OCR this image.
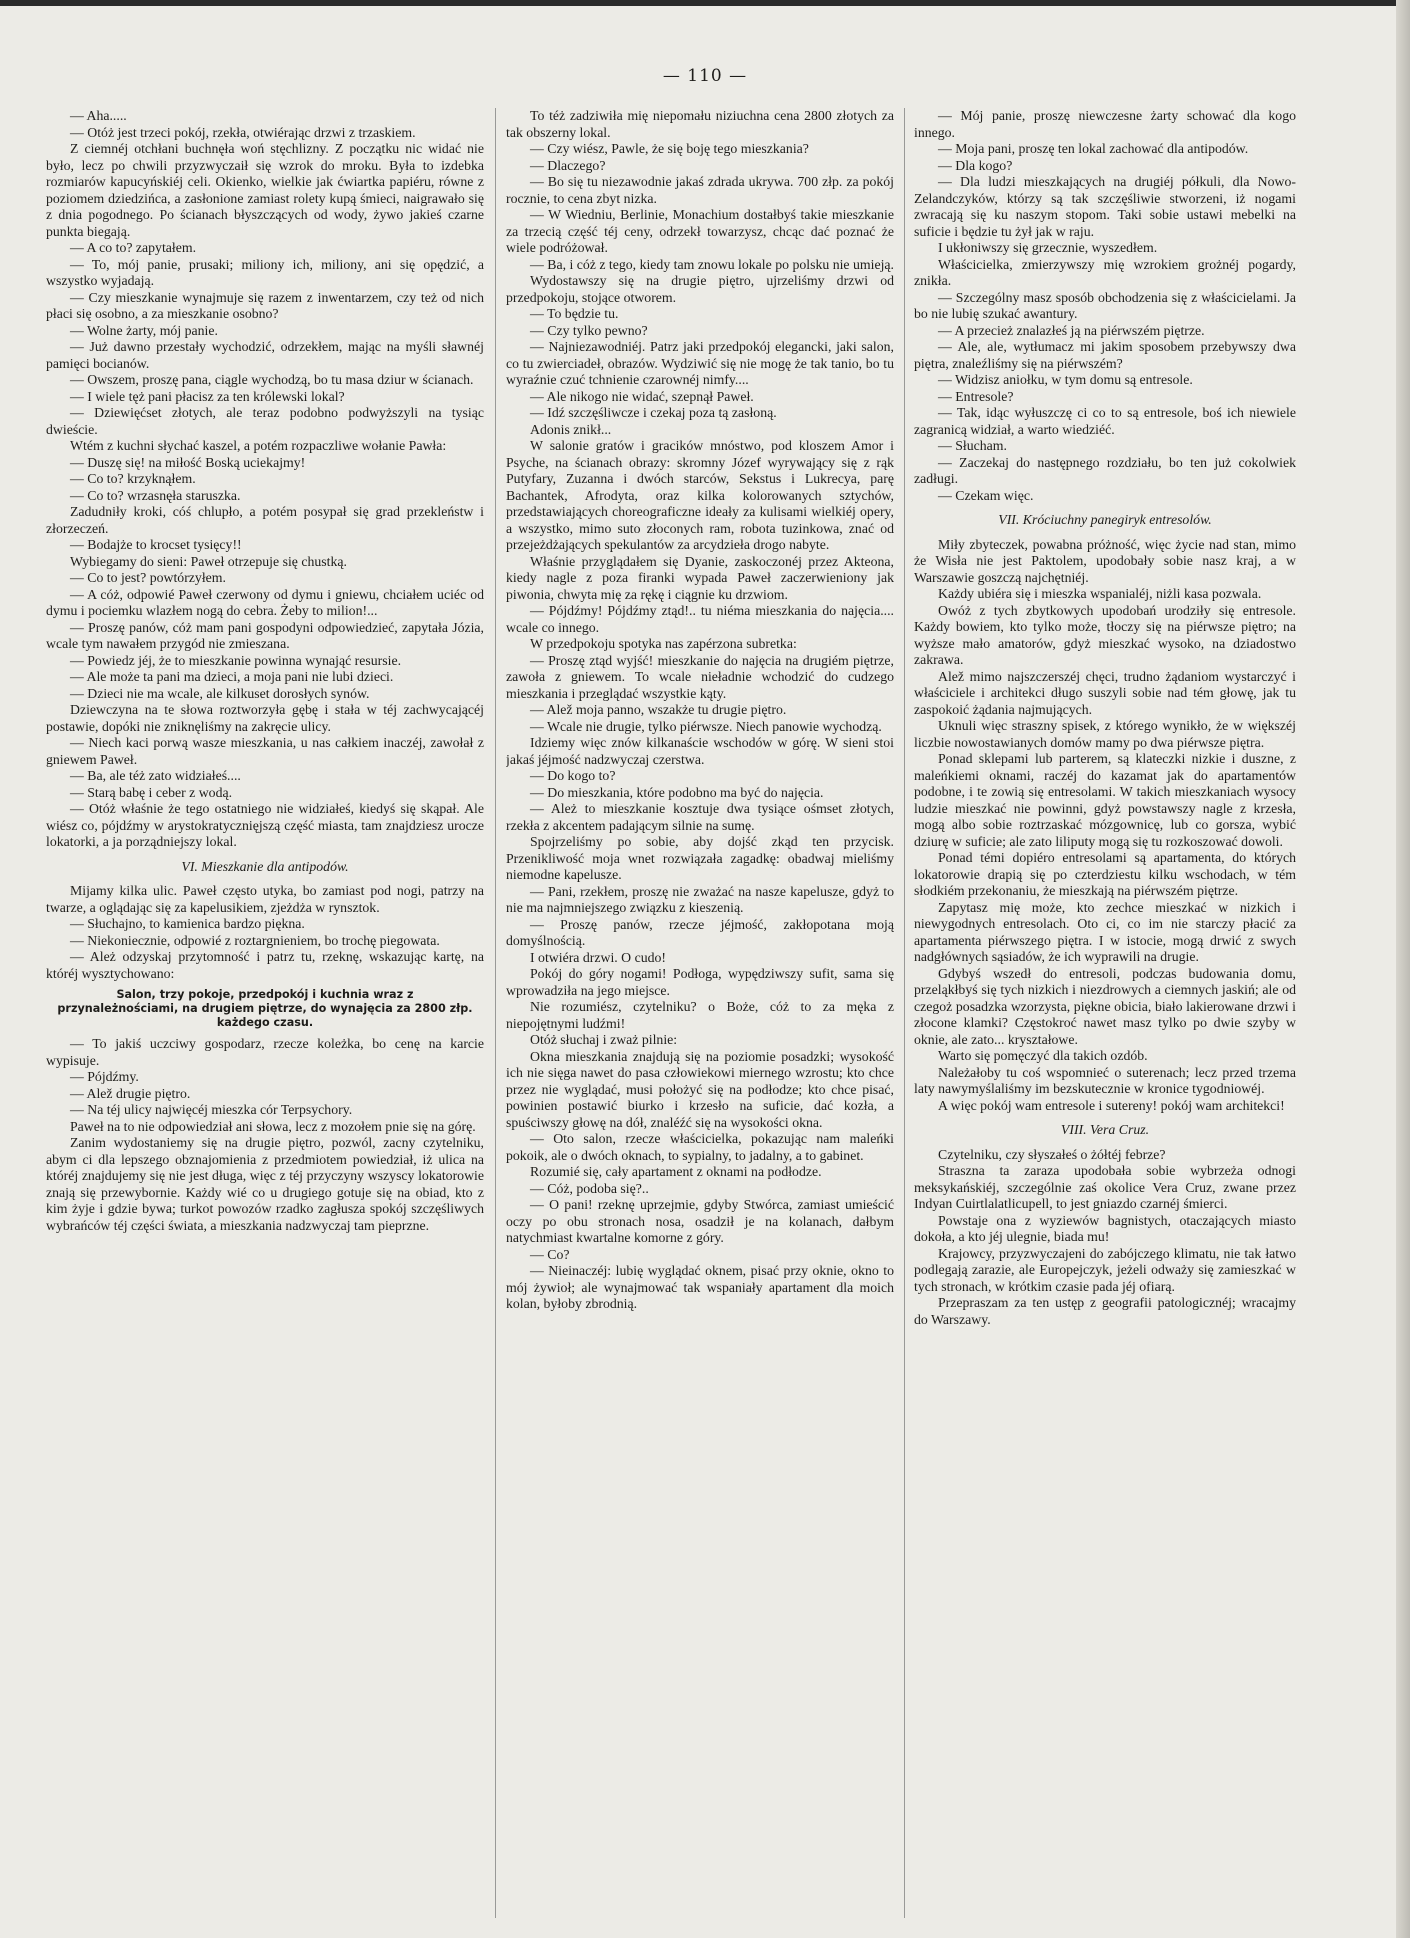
— 110 —

— Aha.....

— Otóż jest trzeci pokój, rzekła, otwiérając drzwi z trzaskiem.

Z ciemnéj otchłani buchnęła woń stęchlizny. Z początku nic widać nie było, lecz po chwili przyzwyczaił się wzrok do mroku. Była to izdebka rozmiarów kapucyńskiéj celi. Okienko, wielkie jak ćwiartka papiéru, równe z poziomem dziedzińca, a zasłonione zamiast rolety kupą śmieci, naigrawało się z dnia pogodnego. Po ścianach błyszczących od wody, żywo jakieś czarne punkta biegają.

— A co to? zapytałem.

— To, mój panie, prusaki; miliony ich, miliony, ani się opędzić, a wszystko wyjadają.

— Czy mieszkanie wynajmuje się razem z inwentarzem, czy też od nich płaci się osobno, a za mieszkanie osobno?

— Wolne żarty, mój panie.

— Już dawno przestały wychodzić, odrzekłem, mając na myśli sławnéj pamięci bocianów.

— Owszem, proszę pana, ciągle wychodzą, bo tu masa dziur w ścianach.

— I wiele tęż pani płacisz za ten królewski lokal?

— Dziewięćset złotych, ale teraz podobno podwyższyli na tysiąc dwieście.

Wtém z kuchni słychać kaszel, a potém rozpaczliwe wołanie Pawła:

— Duszę się! na miłość Boską uciekajmy!

— Co to? krzyknąłem.

— Co to? wrzasnęła staruszka.

Zadudniły kroki, cóś chlupło, a potém posypał się grad przekleństw i złorzeczeń.

— Bodajże to krocset tysięcy!!

Wybiegamy do sieni: Paweł otrzepuje się chustką.

— Co to jest? powtórzyłem.

— A cóż, odpowié Paweł czerwony od dymu i gniewu, chciałem uciéc od dymu i pociemku wlazłem nogą do cebra. Żeby to milion!...

— Proszę panów, cóż mam pani gospodyni odpowiedzieć, zapytała Józia, wcale tym nawałem przygód nie zmieszana.

— Powiedz jéj, że to mieszkanie powinna wynająć resursie.

— Ale może ta pani ma dzieci, a moja pani nie lubi dzieci.

— Dzieci nie ma wcale, ale kilkuset dorosłych synów.

Dziewczyna na te słowa roztworzyła gębę i stała w téj zachwycającéj postawie, dopóki nie zniknęliśmy na zakręcie ulicy.

— Niech kaci porwą wasze mieszkania, u nas całkiem inaczéj, zawołał z gniewem Paweł.

— Ba, ale téż zato widziałeś....

— Starą babę i ceber z wodą.

— Otóż właśnie że tego ostatniego nie widziałeś, kiedyś się skąpał. Ale wiész co, pójdźmy w arystokratycznięjszą część miasta, tam znajdziesz urocze lokatorki, a ja porządniejszy lokal.

VI. Mieszkanie dla antipodów.

Mijamy kilka ulic. Paweł często utyka, bo zamiast pod nogi, patrzy na twarze, a oglądając się za kapelusikiem, zjeżdża w rynsztok.

— Słuchajno, to kamienica bardzo piękna.

— Niekoniecznie, odpowié z roztargnieniem, bo trochę piegowata.

— Ależ odzyskaj przytomność i patrz tu, rzeknę, wskazując kartę, na któréj wysztychowano:

Salon, trzy pokoje, przedpokój i kuchnia wraz z przynależnościami, na drugiem piętrze, do wynajęcia za 2800 złp. każdego czasu.

— To jakiś uczciwy gospodarz, rzecze koleżka, bo cenę na karcie wypisuje.

— Pójdźmy.

— Alež drugie piętro.

— Na téj ulicy najwięcéj mieszka cór Terpsychory.

Paweł na to nie odpowiedział ani słowa, lecz z mozołem pnie się na górę.

Zanim wydostaniemy się na drugie piętro, pozwól, zacny czytelniku, abym ci dla lepszego obznajomienia z przedmiotem powiedział, iż ulica na któréj znajdujemy się nie jest długa, więc z téj przyczyny wszyscy lokatorowie znają się przewybornie. Każdy wié co u drugiego gotuje się na obiad, kto z kim żyje i gdzie bywa; turkot powozów rzadko zagłusza spokój szczęśliwych wybrańców téj części świata, a mieszkania nadzwyczaj tam pieprzne.

To téż zadziwiła mię niepomału niziuchna cena 2800 złotych za tak obszerny lokal.

— Czy wiész, Pawle, że się boję tego mieszkania?

— Dlaczego?

— Bo się tu niezawodnie jakaś zdrada ukrywa. 700 złp. za pokój rocznie, to cena zbyt nizka.

— W Wiedniu, Berlinie, Monachium dostałbyś takie mieszkanie za trzecią część téj ceny, odrzekł towarzysz, chcąc dać poznać że wiele podróżował.

— Ba, i cóż z tego, kiedy tam znowu lokale po polsku nie umieją.

Wydostawszy się na drugie piętro, ujrzeliśmy drzwi od przedpokoju, stojące otworem.

— To będzie tu.

— Czy tylko pewno?

— Najniezawodniéj. Patrz jaki przedpokój elegancki, jaki salon, co tu zwierciadeł, obrazów. Wydziwić się nie mogę że tak tanio, bo tu wyraźnie czuć tchnienie czarownéj nimfy....

— Ale nikogo nie widać, szepnął Paweł.

— Idź szczęśliwcze i czekaj poza tą zasłoną.

Adonis znikł...

W salonie gratów i gracików mnóstwo, pod kloszem Amor i Psyche, na ścianach obrazy: skromny Józef wyrywający się z rąk Putyfary, Zuzanna i dwóch starców, Sekstus i Lukrecya, parę Bachantek, Afrodyta, oraz kilka kolorowanych sztychów, przedstawiających choreograficzne ideały za kulisami wielkiéj opery, a wszystko, mimo suto złoconych ram, robota tuzinkowa, znać od przejeżdżających spekulantów za arcydzieła drogo nabyte.

Właśnie przyglądałem się Dyanie, zaskoczonéj przez Akteona, kiedy nagle z poza firanki wypada Paweł zaczerwieniony jak piwonia, chwyta mię za rękę i ciągnie ku drzwiom.

— Pójdźmy! Pójdźmy ztąd!.. tu niéma mieszkania do najęcia.... wcale co innego.

W przedpokoju spotyka nas zapérzona subretka:

— Proszę ztąd wyjść! mieszkanie do najęcia na drugiém piętrze, zawoła z gniewem. To wcale nieładnie wchodzić do cudzego mieszkania i przeglądać wszystkie kąty.

— Alež moja panno, wszakże tu drugie piętro.

— Wcale nie drugie, tylko piérwsze. Niech panowie wychodzą.

Idziemy więc znów kilkanaście wschodów w górę. W sieni stoi jakaś jéjmość nadzwyczaj czerstwa.

— Do kogo to?

— Do mieszkania, które podobno ma być do najęcia.

— Ależ to mieszkanie kosztuje dwa tysiące ośmset złotych, rzekła z akcentem padającym silnie na sumę.

Spojrzeliśmy po sobie, aby dojść zkąd ten przycisk. Przenikliwość moja wnet rozwiązała zagadkę: obadwaj mieliśmy niemodne kapelusze.

— Pani, rzekłem, proszę nie zważać na nasze kapelusze, gdyż to nie ma najmniejszego związku z kieszenią.

— Proszę panów, rzecze jéjmość, zakłopotana moją domyślnością.

I otwiéra drzwi. O cudo!

Pokój do góry nogami! Podłoga, wypędziwszy sufit, sama się wprowadziła na jego miejsce.

Nie rozumiész, czytelniku? o Boże, cóż to za męka z niepojętnymi ludźmi!

Otóż słuchaj i zważ pilnie:

Okna mieszkania znajdują się na poziomie posadzki; wysokość ich nie sięga nawet do pasa człowiekowi miernego wzrostu; kto chce przez nie wyglądać, musi położyć się na podłodze; kto chce pisać, powinien postawić biurko i krzesło na suficie, dać kozła, a spuściwszy głowę na dół, znaléźć się na wysokości okna.

— Oto salon, rzecze właścicielka, pokazując nam maleńki pokoik, ale o dwóch oknach, to sypialny, to jadalny, a to gabinet.

Rozumié się, cały apartament z oknami na podłodze.

— Cóż, podoba się?..

— O pani! rzeknę uprzejmie, gdyby Stwórca, zamiast umieścić oczy po obu stronach nosa, osadził je na kolanach, dałbym natychmiast kwartalne komorne z góry.

— Co?

— Nieinaczéj: lubię wyglądać oknem, pisać przy oknie, okno to mój żywioł; ale wynajmować tak wspaniały apartament dla moich kolan, byłoby zbrodnią.

— Mój panie, proszę niewczesne żarty schować dla kogo innego.

— Moja pani, proszę ten lokal zachować dla antipodów.

— Dla kogo?

— Dla ludzi mieszkających na drugiéj półkuli, dla Nowo-Zelandczyków, którzy są tak szczęśliwie stworzeni, iż nogami zwracają się ku naszym stopom. Taki sobie ustawi mebelki na suficie i będzie tu żył jak w raju.

I ukłoniwszy się grzecznie, wyszedłem.

Właścicielka, zmierzywszy mię wzrokiem grożnéj pogardy, znikła.

— Szczególny masz sposób obchodzenia się z właścicielami. Ja bo nie lubię szukać awantury.

— A przecież znalazłeś ją na piérwszém piętrze.

— Ale, ale, wytłumacz mi jakim sposobem przebywszy dwa piętra, znaleźliśmy się na piérwszém?

— Widzisz aniołku, w tym domu są entresole.

— Entresole?

— Tak, idąc wyłuszczę ci co to są entresole, boś ich niewiele zagranicą widział, a warto wiedziéć.

— Słucham.

— Zaczekaj do następnego rozdziału, bo ten już cokolwiek zadługi.

— Czekam więc.

VII. Króciuchny panegiryk entresolów.

Miły zbyteczek, powabna próżność, więc życie nad stan, mimo że Wisła nie jest Paktolem, upodobały sobie nasz kraj, a w Warszawie goszczą najchętniéj.

Każdy ubiéra się i mieszka wspanialéj, niżli kasa pozwala.

Owóż z tych zbytkowych upodobań urodziły się entresole. Każdy bowiem, kto tylko może, tłoczy się na piérwsze piętro; na wyższe mało amatorów, gdyż mieszkać wysoko, na dziadostwo zakrawa.

Alež mimo najszczerszéj chęci, trudno żądaniom wystarczyć i właściciele i architekci długo suszyli sobie nad tém głowę, jak tu zaspokoić żądania najmujących.

Uknuli więc straszny spisek, z którego wynikło, że w większéj liczbie nowostawianych domów mamy po dwa piérwsze piętra.

Ponad sklepami lub parterem, są klateczki nizkie i duszne, z maleńkiemi oknami, raczéj do kazamat jak do apartamentów podobne, i te zowią się entresolami. W takich mieszkaniach wysocy ludzie mieszkać nie powinni, gdyż powstawszy nagle z krzesła, mogą albo sobie roztrzaskać mózgownicę, lub co gorsza, wybić dziurę w suficie; ale zato liliputy mogą się tu rozkoszować dowoli.

Ponad témi dopiéro entresolami są apartamenta, do których lokatorowie drapią się po czterdziestu kilku wschodach, w tém słodkiém przekonaniu, że mieszkają na piérwszém piętrze.

Zapytasz mię może, kto zechce mieszkać w nizkich i niewygodnych entresolach. Oto ci, co im nie starczy płacić za apartamenta piérwszego piętra. I w istocie, mogą drwić z swych nadgłównych sąsiadów, że ich wyprawili na drugie.

Gdybyś wszedł do entresoli, podczas budowania domu, przeląkłbyś się tych nizkich i niezdrowych a ciemnych jaskiń; ale od czegoż posadzka wzorzysta, piękne obicia, biało lakierowane drzwi i złocone klamki? Częstokroć nawet masz tylko po dwie szyby w oknie, ale zato... kryształowe.

Warto się pomęczyć dla takich ozdób.

Należałoby tu coś wspomnieć o suterenach; lecz przed trzema laty nawymyślaliśmy im bezskutecznie w kronice tygodniowéj.

A więc pokój wam entresole i sutereny! pokój wam architekci!

VIII. Vera Cruz.

Czytelniku, czy słyszałeś o żółtéj febrze?

Straszna ta zaraza upodobała sobie wybrzeża odnogi meksykańskiéj, szczególnie zaś okolice Vera Cruz, zwane przez Indyan Cuirtlalatlicupell, to jest gniazdo czarnéj śmierci.

Powstaje ona z wyziewów bagnistych, otaczających miasto dokoła, a kto jéj ulegnie, biada mu!

Krajowcy, przyzwyczajeni do zabójczego klimatu, nie tak łatwo podlegają zarazie, ale Europejczyk, jeżeli odważy się zamieszkać w tych stronach, w krótkim czasie pada jéj ofiarą.

Przepraszam za ten ustęp z geografii patologicznéj; wracajmy do Warszawy.
